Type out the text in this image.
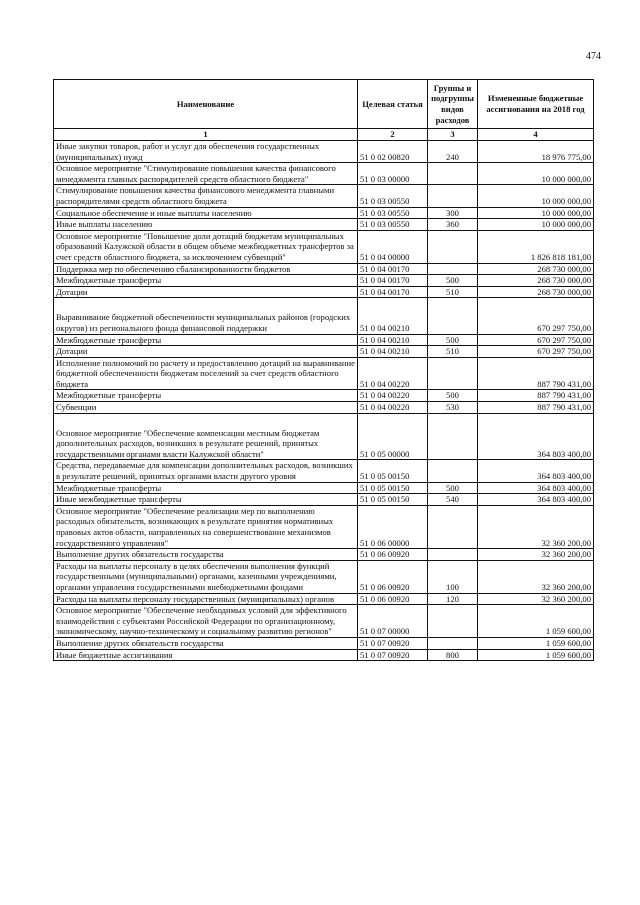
474
Наименование	Целевая статья	Группы и подгруппы видов расходов	Измененные бюджетные ассигнования на 2018 год
1	2	3	4
Иные закупки товаров, работ и услуг для обеспечения государственных (муниципальных) нужд	51 0 02 00820	240	18 976 775,00
Основное мероприятие "Стимулирование повышения качества финансового менеджмента главных распорядителей средств областного бюджета"	51 0 03 00000		10 000 000,00
Стимулирование повышения качества финансового менеджмента главными распорядителями средств областного бюджета	51 0 03 00550		10 000 000,00
Социальное обеспечение и иные выплаты населению	51 0 03 00550	300	10 000 000,00
Иные выплаты населению	51 0 03 00550	360	10 000 000,00
Основное мероприятие "Повышение доли дотаций бюджетам муниципальных образований Калужской области в общем объеме межбюджетных трансфертов за счет средств областного бюджета, за исключением субвенций"	51 0 04 00000		1 826 818 181,00
Поддержка мер по обеспечению сбалансированности бюджетов	51 0 04 00170		268 730 000,00
Межбюджетные трансферты	51 0 04 00170	500	268 730 000,00
Дотации	51 0 04 00170	510	268 730 000,00
Выравнивание бюджетной обеспеченности муниципальных районов (городских округов) из регионального фонда финансовой поддержки	51 0 04 00210		670 297 750,00
Межбюджетные трансферты	51 0 04 00210	500	670 297 750,00
Дотации	51 0 04 00210	510	670 297 750,00
Исполнение полномочий по расчету и предоставлению дотаций на выравнивание бюджетной обеспеченности бюджетам поселений за счет средств областного бюджета	51 0 04 00220		887 790 431,00
Межбюджетные трансферты	51 0 04 00220	500	887 790 431,00
Субвенции	51 0 04 00220	530	887 790 431,00
Основное мероприятие "Обеспечение компенсации местным бюджетам дополнительных расходов, возникших в результате решений, принятых государственными органами власти Калужской области"	51 0 05 00000		364 803 400,00
Средства, передаваемые для компенсации дополнительных расходов, возникших в результате решений, принятых органами власти другого уровня	51 0 05 00150		364 803 400,00
Межбюджетные трансферты	51 0 05 00150	500	364 803 400,00
Иные межбюджетные трансферты	51 0 05 00150	540	364 803 400,00
Основное мероприятие "Обеспечение реализации мер по выполнению расходных обязательств, возникающих в результате принятия нормативных правовых актов области, направленных на совершенствование механизмов государственного управления"	51 0 06 00000		32 360 200,00
Выполнение других обязательств государства	51 0 06 00920		32 360 200,00
Расходы на выплаты персоналу в целях обеспечения выполнения функций государственными (муниципальными) органами, казенными учреждениями, органами управления государственными внебюджетными фондами	51 0 06 00920	100	32 360 200,00
Расходы на выплаты персоналу государственных (муниципальных) органов	51 0 06 00920	120	32 360 200,00
Основное мероприятие "Обеспечение необходимых условий для эффективного взаимодействия с субъектами Российской Федерации по организационному, экономическому, научно-техническому и социальному развитию регионов"	51 0 07 00000		1 059 600,00
Выполнение других обязательств государства	51 0 07 00920		1 059 600,00
Иные бюджетные ассигнования	51 0 07 00920	800	1 059 600,00
